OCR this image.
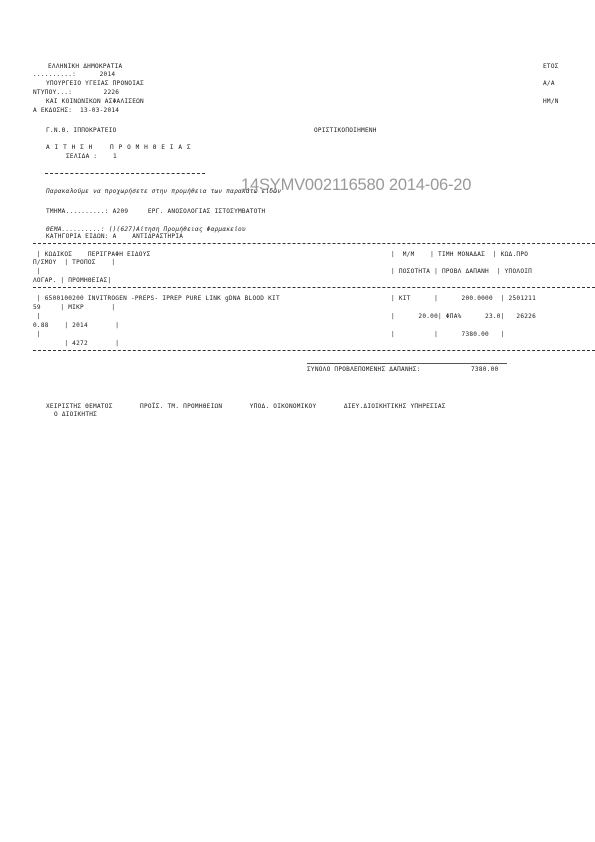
ΕΛΛΗΝΙΚΗ ΔΗΜΟΚΡΑΤΙΑ	ΕΤΟΣ
..........:      2014
ΥΠΟΥΡΓΕΙΟ ΥΓΕΙΑΣ ΠΡΟΝΟΙΑΣ	Α/Α
ΝΤΥΠΟΥ...:        2226
ΚΑΙ ΚΟΙΝΩΝΙΚΩΝ ΑΣΦΑΛΙΣΕΩΝ	ΗΜ/Ν
Α ΕΚΔΟΣΗΣ:  13-03-2014
Γ.Ν.Θ. ΙΠΠΟΚΡΑΤΕΙΟ	ΟΡΙΣΤΙΚΟΠΟΙΗΜΕΝΗ
Α Ι Τ Η Σ Η    Π Ρ Ο Μ Η Θ Ε Ι Α Σ
ΣΕΛΙΔΑ :    1
Παρακαλούμε να προχωρήσετε στην προμήθεια των παρακάτω ειδών
14SYMV002116580 2014-06-20
ΤΜΗΜΑ..........: Α209     ΕΡΓ. ΑΝΟΣΟΛΟΓΙΑΣ ΙΣΤΟΣΥΜΒΑΤΟΤΗ
ΘΕΜΑ..........: ()(627)Αίτηση Προμήθειας Φαρμακείου
ΚΑΤΗΓΟΡΙΑ ΕΙΔΩΝ: Α    ΑΝΤΙΔΡΑΣΤΗΡΙΑ
| ΚΩΔΙΚΟΣ    ΠΕΡΙΓΡΑΦΗ ΕΙΔΟΥΣ	|  Μ/Μ    | ΤΙΜΗ ΜΟΝΑΔΑΣ  | ΚΩΔ.ΠΡΟ
Π/ΣΜΟΥ  | ΤΡΟΠΟΣ    |
|	| ΠΟΣΟΤΗΤΑ | ΠΡΟΒΛ ΔΑΠΑΝΗ  | ΥΠΟΛΟΙΠ
ΛΟΓΑΡ. | ΠΡΟΜΗΘΕΙΑΣ|
| 6500100200 INVITROGEN -PREPS- IPREP PURE LINK gDNA BLOOD KIT	| KIT      |      200.0000  | 2501211
59     | ΜΙΚΡ       |
|	|      20.00| ΦΠΑ%      23.0|   26226
0.88    | 2014       |
|	|          |      7380.00   |
| 4272       |
ΣΥΝΟΛΟ ΠΡΟΒΛΕΠΟΜΕΝΗΣ ΔΑΠΑΝΗΣ:	7380.00
ΧΕΙΡΙΣΤΗΣ ΘΕΜΑΤΟΣ       ΠΡΟΪΣ. ΤΜ. ΠΡΟΜΗΘΕΙΩΝ       ΥΠΟΔ. ΟΙΚΟΝΟΜΙΚΟΥ       ΔΙΕΥ.ΔΙΟΙΚΗΤΙΚΗΣ ΥΠΗΡΕΣΙΑΣ
Ο ΔΙΟΙΚΗΤΗΣ
